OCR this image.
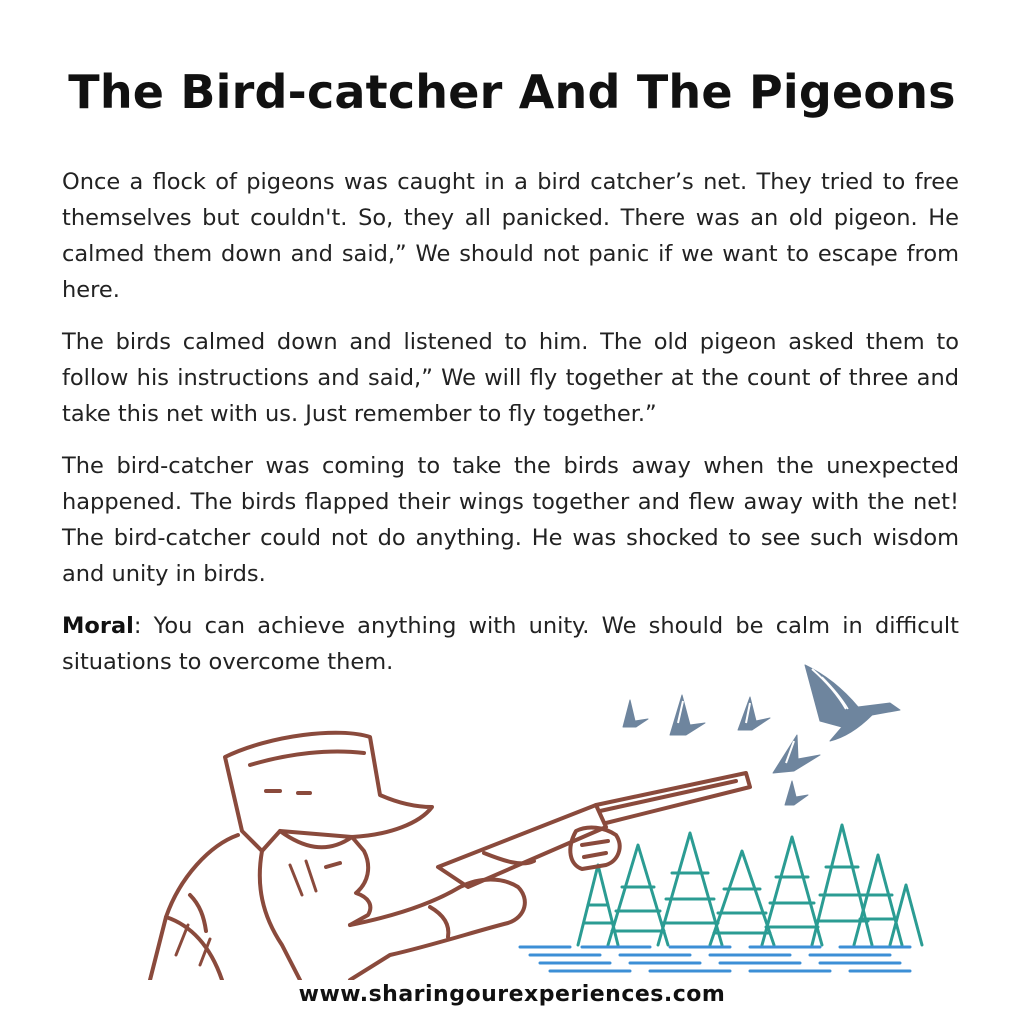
The Bird-catcher And The Pigeons

Once a flock of pigeons was caught in a bird catcher’s net. They tried to free themselves but couldn't. So, they all panicked. There was an old pigeon. He calmed them down and said,” We should not panic if we want to escape from here.

The birds calmed down and listened to him. The old pigeon asked them to follow his instructions and said,” We will fly together at the count of three and take this net with us. Just remember to fly together.”

The bird-catcher was coming to take the birds away when the unexpected happened. The birds flapped their wings together and flew away with the net! The bird-catcher could not do anything. He was shocked to see such wisdom and unity in birds.

Moral: You can achieve anything with unity. We should be calm in difficult situations to overcome them.

www.sharingourexperiences.com
